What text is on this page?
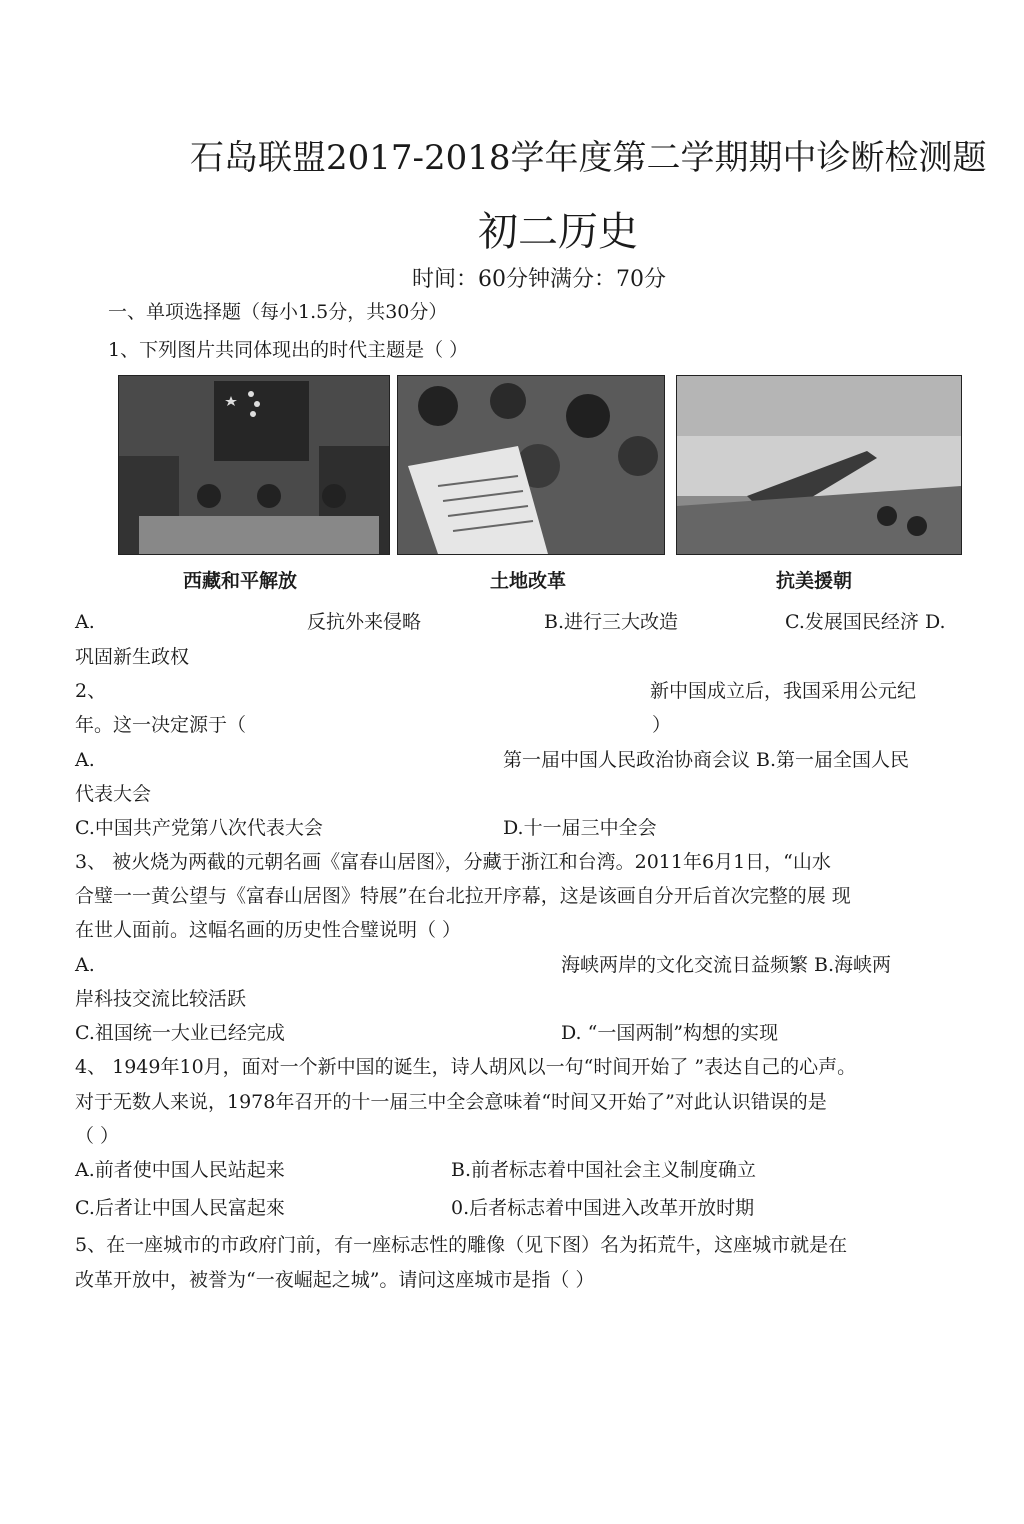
石岛联盟2017-2018学年度第二学期期中诊断检测题
初二历史
时间：60分钟满分：70分
一、单项选择题（每小1.5分，共30分）
1、下列图片共同体现出的时代主题是（ ）
西藏和平解放	土地改革	抗美援朝
A.	反抗外来侵略	B.进行三大改造	C.发展国民经济 D.
巩固新生政权
2、	新中国成立后，我国采用公元纪
年。这一决定源于（	）
A.	第一届中国人民政治协商会议 B.第一届全国人民
代表大会
C.中国共产党第八次代表大会	D.十一届三中全会
3、 被火烧为两截的元朝名画《富春山居图》，分藏于浙江和台湾。2011年6月1日，“山水
合璧一一黄公望与《富春山居图》特展”在台北拉开序幕，这是该画自分开后首次完整的展 现
在世人面前。这幅名画的历史性合璧说明（ ）
A.	海峡两岸的文化交流日益频繁 B.海峡两
岸科技交流比较活跃
C.祖国统一大业已经完成	D. “一国两制”构想的实现
4、 1949年10月，面对一个新中国的诞生，诗人胡风以一句“时间开始了 ”表达自己的心声。
对于无数人来说，1978年召开的十一届三中全会意味着“时间又开始了”对此认识错误的是
（ ）
A.前者使中国人民站起来	B.前者标志着中国社会主义制度确立
C.后者让中国人民富起來	0.后者标志着中国进入改革开放时期
5、在一座城市的市政府门前，有一座标志性的雕像（见下图）名为拓荒牛，这座城市就是在
改革开放中，被誉为“一夜崛起之城”。请问这座城市是指（ ）
